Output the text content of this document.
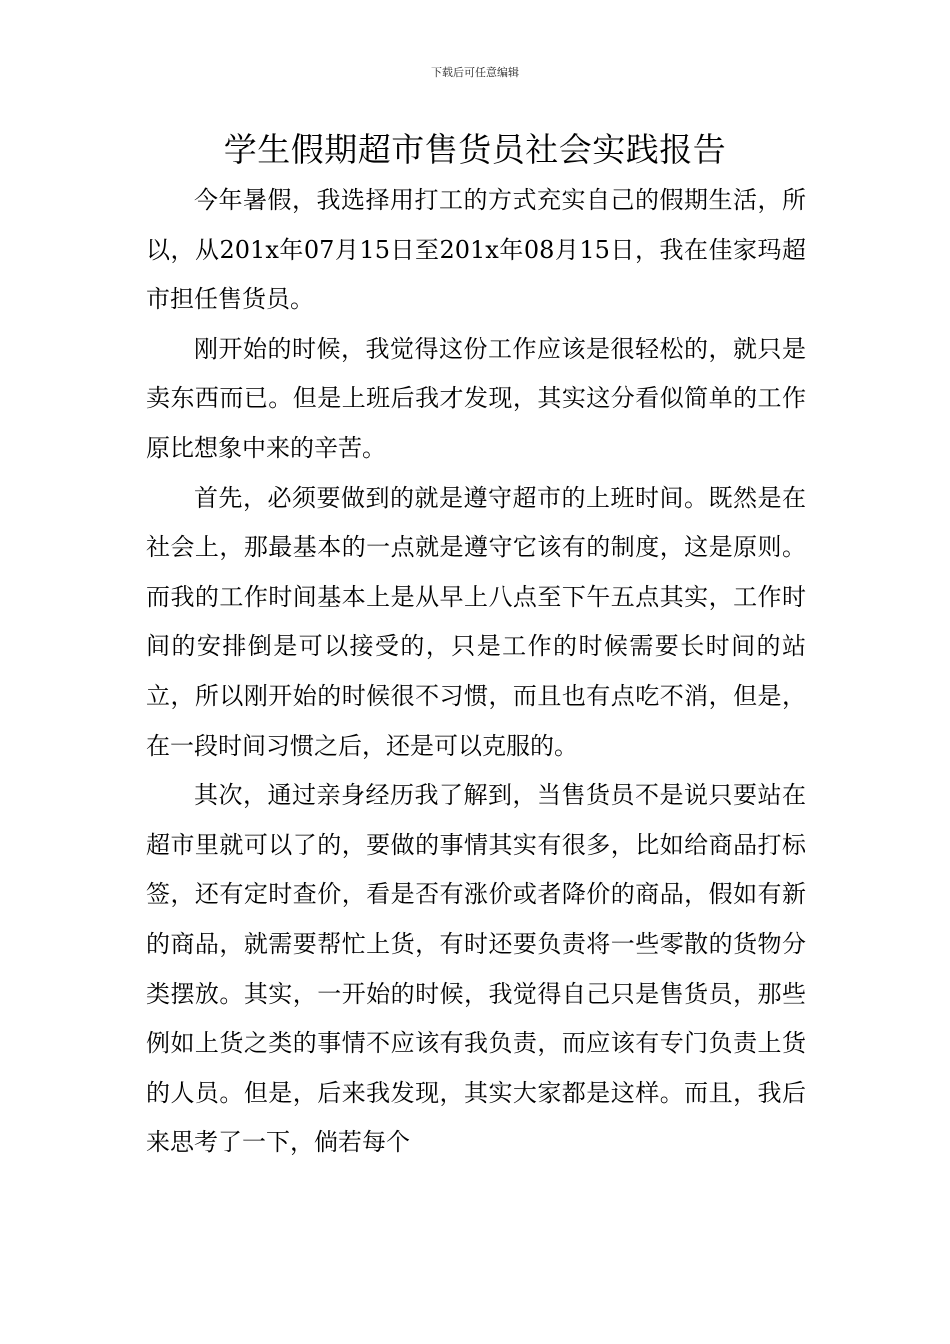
下载后可任意编辑
学生假期超市售货员社会实践报告

今年暑假，我选择用打工的方式充实自己的假期生活，所以，从201x年07月15日至201x年08月15日，我在佳家玛超市担任售货员。

刚开始的时候，我觉得这份工作应该是很轻松的，就只是卖东西而已。但是上班后我才发现，其实这分看似简单的工作原比想象中来的辛苦。

首先，必须要做到的就是遵守超市的上班时间。既然是在社会上，那最基本的一点就是遵守它该有的制度，这是原则。而我的工作时间基本上是从早上八点至下午五点其实，工作时间的安排倒是可以接受的，只是工作的时候需要长时间的站立，所以刚开始的时候很不习惯，而且也有点吃不消，但是，在一段时间习惯之后，还是可以克服的。

其次，通过亲身经历我了解到，当售货员不是说只要站在超市里就可以了的，要做的事情其实有很多，比如给商品打标签，还有定时查价，看是否有涨价或者降价的商品，假如有新的商品，就需要帮忙上货，有时还要负责将一些零散的货物分类摆放。其实，一开始的时候，我觉得自己只是售货员，那些例如上货之类的事情不应该有我负责，而应该有专门负责上货的人员。但是，后来我发现，其实大家都是这样。而且，我后来思考了一下，倘若每个
